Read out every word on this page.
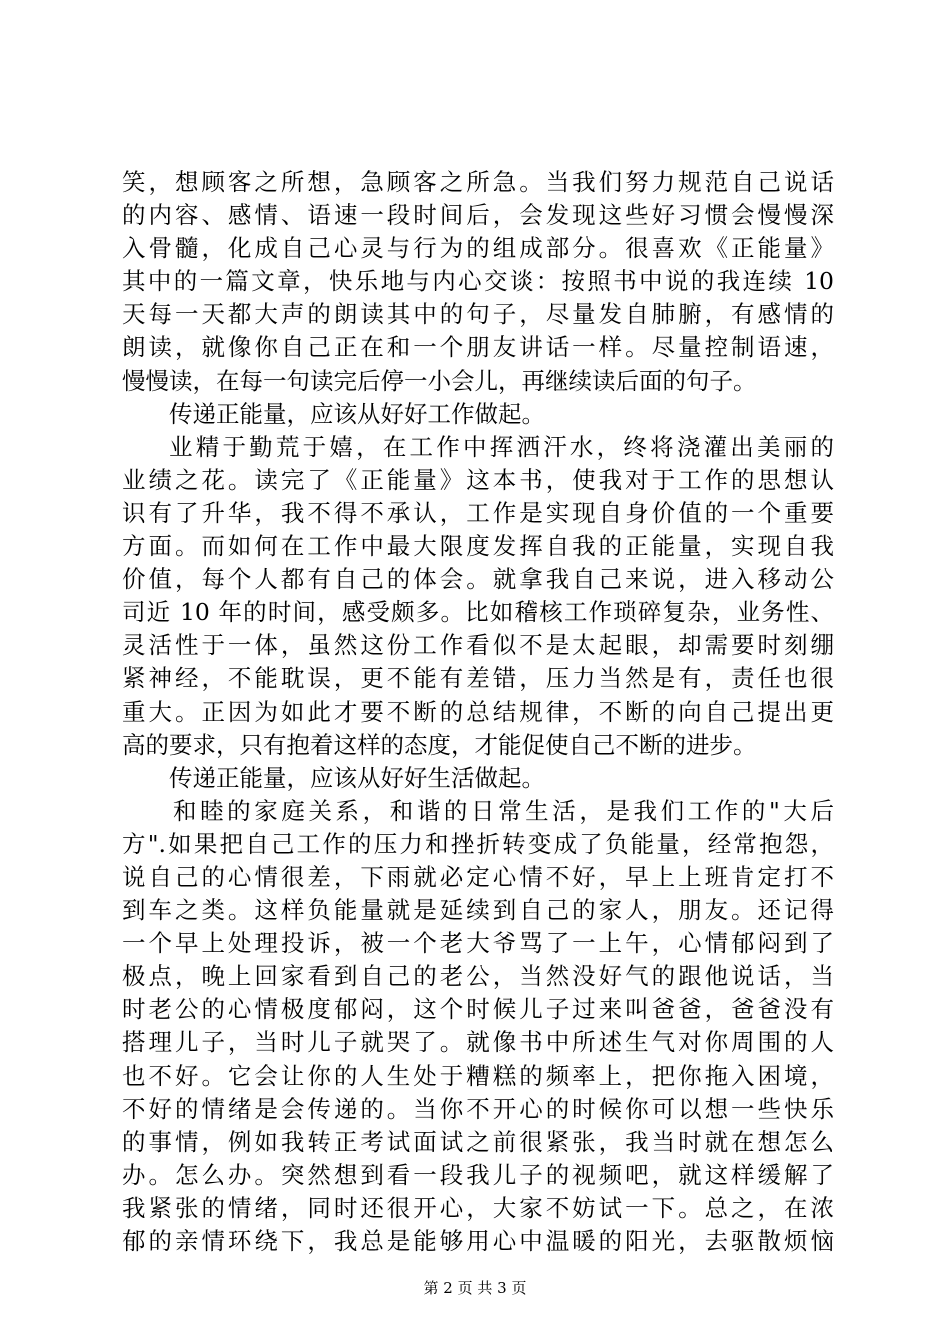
笑，想顾客之所想，急顾客之所急。当我们努力规范自己说话
的内容、感情、语速一段时间后，会发现这些好习惯会慢慢深
入骨髓，化成自己心灵与行为的组成部分。很喜欢《正能量》
其中的一篇文章，快乐地与内心交谈：按照书中说的我连续 10
天每一天都大声的朗读其中的句子，尽量发自肺腑，有感情的
朗读，就像你自己正在和一个朋友讲话一样。尽量控制语速，
慢慢读，在每一句读完后停一小会儿，再继续读后面的句子。
传递正能量，应该从好好工作做起。
业精于勤荒于嬉，在工作中挥洒汗水，终将浇灌出美丽的
业绩之花。读完了《正能量》这本书，使我对于工作的思想认
识有了升华，我不得不承认，工作是实现自身价值的一个重要
方面。而如何在工作中最大限度发挥自我的正能量，实现自我
价值，每个人都有自己的体会。就拿我自己来说，进入移动公
司近 10 年的时间，感受颇多。比如稽核工作琐碎复杂，业务性、
灵活性于一体，虽然这份工作看似不是太起眼，却需要时刻绷
紧神经，不能耽误，更不能有差错，压力当然是有，责任也很
重大。正因为如此才要不断的总结规律，不断的向自己提出更
高的要求，只有抱着这样的态度，才能促使自己不断的进步。
传递正能量，应该从好好生活做起。
和睦的家庭关系，和谐的日常生活，是我们工作的"大后
方".如果把自己工作的压力和挫折转变成了负能量，经常抱怨，
说自己的心情很差，下雨就必定心情不好，早上上班肯定打不
到车之类。这样负能量就是延续到自己的家人，朋友。还记得
一个早上处理投诉，被一个老大爷骂了一上午，心情郁闷到了
极点，晚上回家看到自己的老公，当然没好气的跟他说话，当
时老公的心情极度郁闷，这个时候儿子过来叫爸爸，爸爸没有
搭理儿子，当时儿子就哭了。就像书中所述生气对你周围的人
也不好。它会让你的人生处于糟糕的频率上，把你拖入困境，
不好的情绪是会传递的。当你不开心的时候你可以想一些快乐
的事情，例如我转正考试面试之前很紧张，我当时就在想怎么
办。怎么办。突然想到看一段我儿子的视频吧，就这样缓解了
我紧张的情绪，同时还很开心，大家不妨试一下。总之，在浓
郁的亲情环绕下，我总是能够用心中温暖的阳光，去驱散烦恼
第 2 页 共 3 页
